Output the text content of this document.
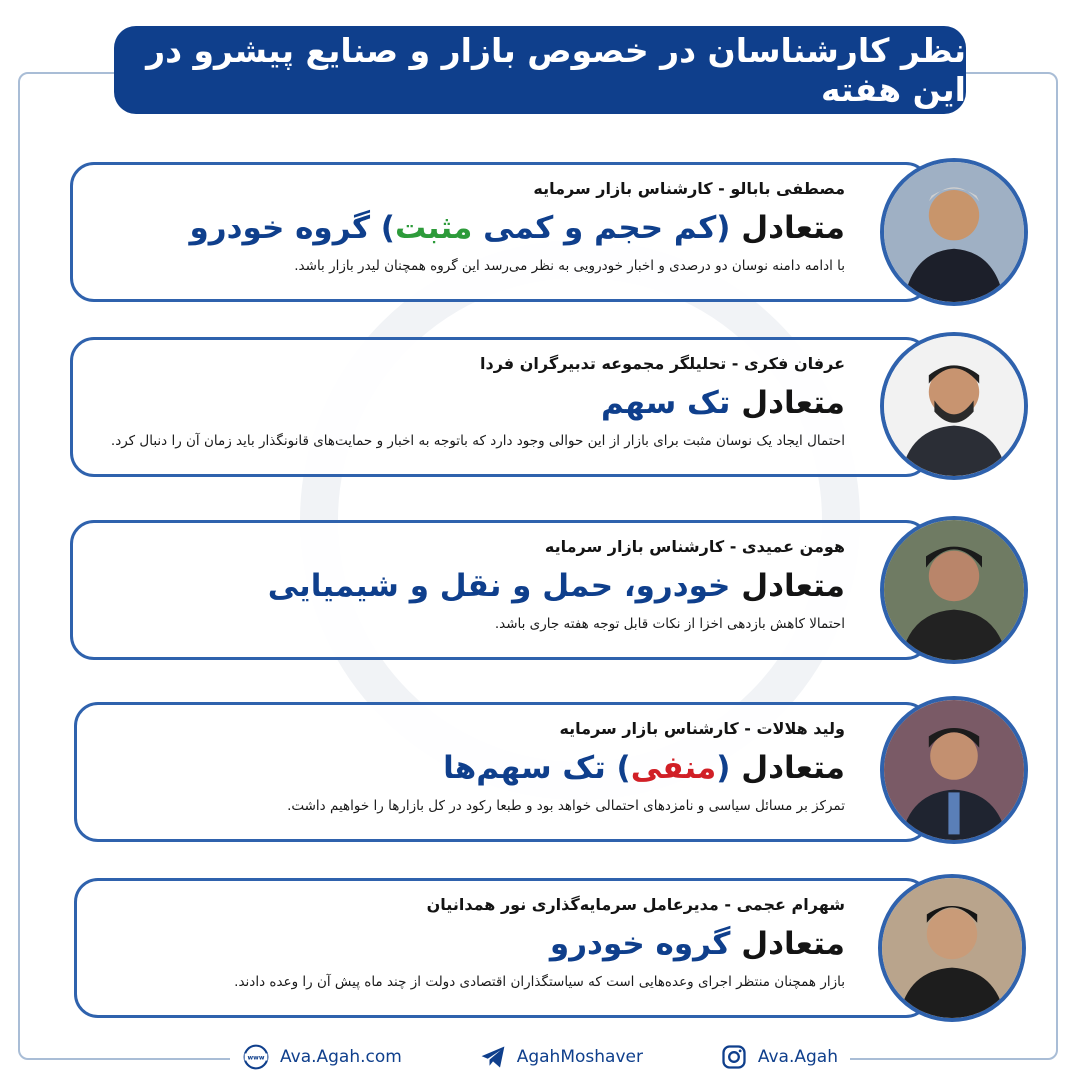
نظر کارشناسان در خصوص بازار و صنایع پیشرو در این هفته
مصطفی بابالو - کارشناس بازار سرمایه
متعادل (کم حجم و کمی مثبت) گروه خودرو
با ادامه دامنه نوسان دو درصدی و اخبار خودرویی به نظر می‌رسد این گروه همچنان لیدر بازار باشد.
عرفان فکری - تحلیلگر مجموعه تدبیرگران فردا
متعادل تک سهم
احتمال ایجاد یک نوسان مثبت برای بازار از این حوالی وجود دارد که باتوجه به اخبار و حمایت‌های قانونگذار باید زمان آن را دنبال کرد.
هومن عمیدی - کارشناس بازار سرمایه
متعادل خودرو، حمل و نقل و شیمیایی
احتمالا کاهش بازدهی اخزا از نکات قابل توجه هفته جاری باشد.
ولید هلالات - کارشناس بازار سرمایه
متعادل (منفی) تک سهم‌ها
تمرکز بر مسائل سیاسی و نامزدهای احتمالی خواهد بود و طبعا رکود در کل بازارها را خواهیم داشت.
شهرام عجمی - مدیرعامل سرمایه‌گذاری نور همدانیان
متعادل گروه خودرو
بازار همچنان منتظر اجرای وعده‌هایی است که سیاستگذاران اقتصادی دولت از چند ماه پیش آن را وعده دادند.
www Ava.Agah.com	AgahMoshaver	Ava.Agah
